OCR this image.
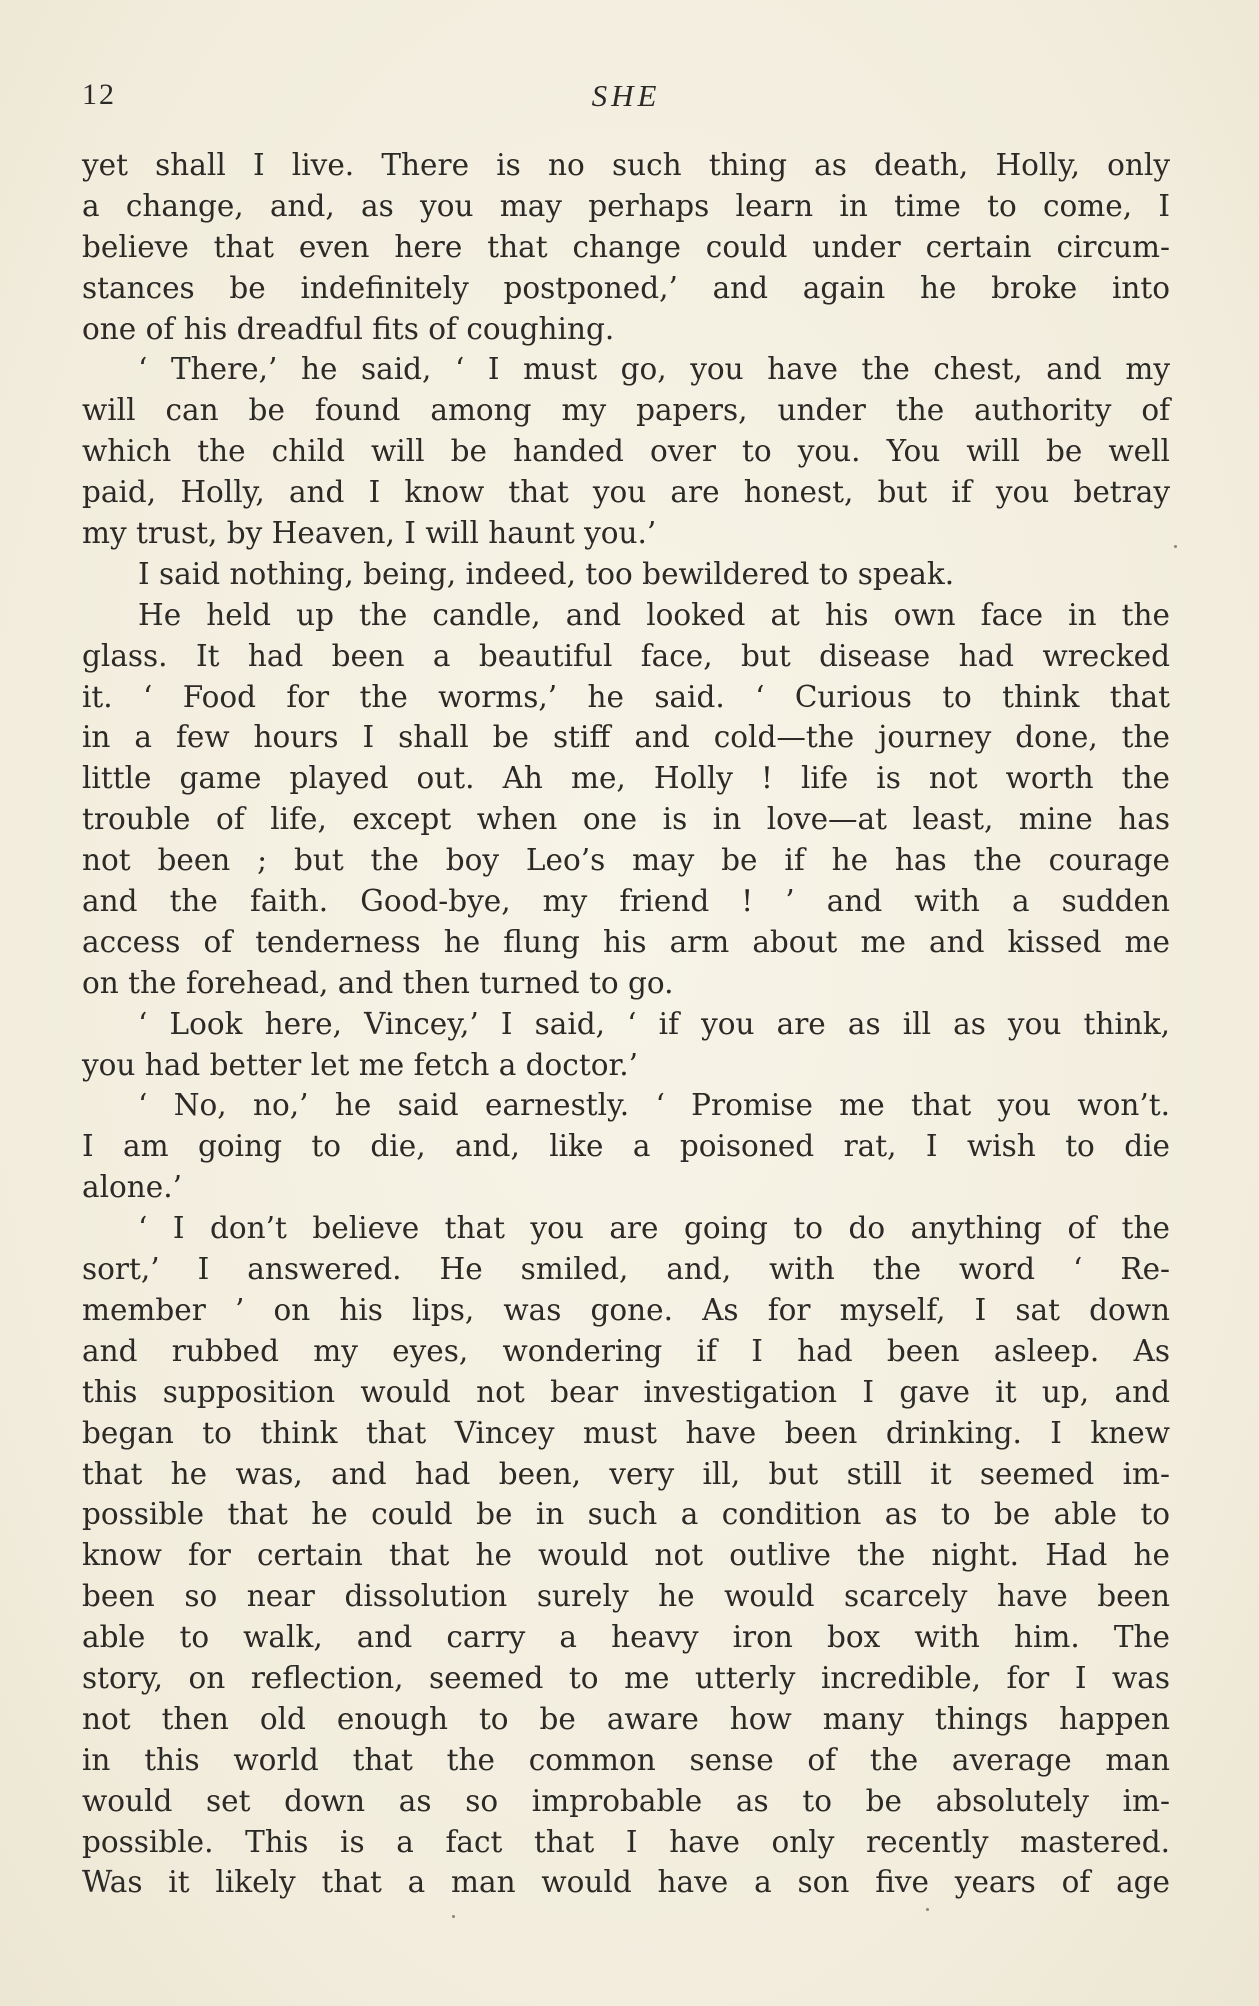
12	SHE
yet shall I live. There is no such thing as death, Holly, only
a change, and, as you may perhaps learn in time to come, I
believe that even here that change could under certain circum-
stances be indefinitely postponed,’ and again he broke into
one of his dreadful fits of coughing.
‘ There,’ he said, ‘ I must go, you have the chest, and my
will can be found among my papers, under the authority of
which the child will be handed over to you. You will be well
paid, Holly, and I know that you are honest, but if you betray
my trust, by Heaven, I will haunt you.’
I said nothing, being, indeed, too bewildered to speak.
He held up the candle, and looked at his own face in the
glass. It had been a beautiful face, but disease had wrecked
it. ‘ Food for the worms,’ he said. ‘ Curious to think that
in a few hours I shall be stiff and cold—the journey done, the
little game played out. Ah me, Holly ! life is not worth the
trouble of life, except when one is in love—at least, mine has
not been ; but the boy Leo’s may be if he has the courage
and the faith. Good-bye, my friend ! ’ and with a sudden
access of tenderness he flung his arm about me and kissed me
on the forehead, and then turned to go.
‘ Look here, Vincey,’ I said, ‘ if you are as ill as you think,
you had better let me fetch a doctor.’
‘ No, no,’ he said earnestly. ‘ Promise me that you won’t.
I am going to die, and, like a poisoned rat, I wish to die
alone.’
‘ I don’t believe that you are going to do anything of the
sort,’ I answered. He smiled, and, with the word ‘ Re-
member ’ on his lips, was gone. As for myself, I sat down
and rubbed my eyes, wondering if I had been asleep. As
this supposition would not bear investigation I gave it up, and
began to think that Vincey must have been drinking. I knew
that he was, and had been, very ill, but still it seemed im-
possible that he could be in such a condition as to be able to
know for certain that he would not outlive the night. Had he
been so near dissolution surely he would scarcely have been
able to walk, and carry a heavy iron box with him. The
story, on reflection, seemed to me utterly incredible, for I was
not then old enough to be aware how many things happen
in this world that the common sense of the average man
would set down as so improbable as to be absolutely im-
possible. This is a fact that I have only recently mastered.
Was it likely that a man would have a son five years of age
